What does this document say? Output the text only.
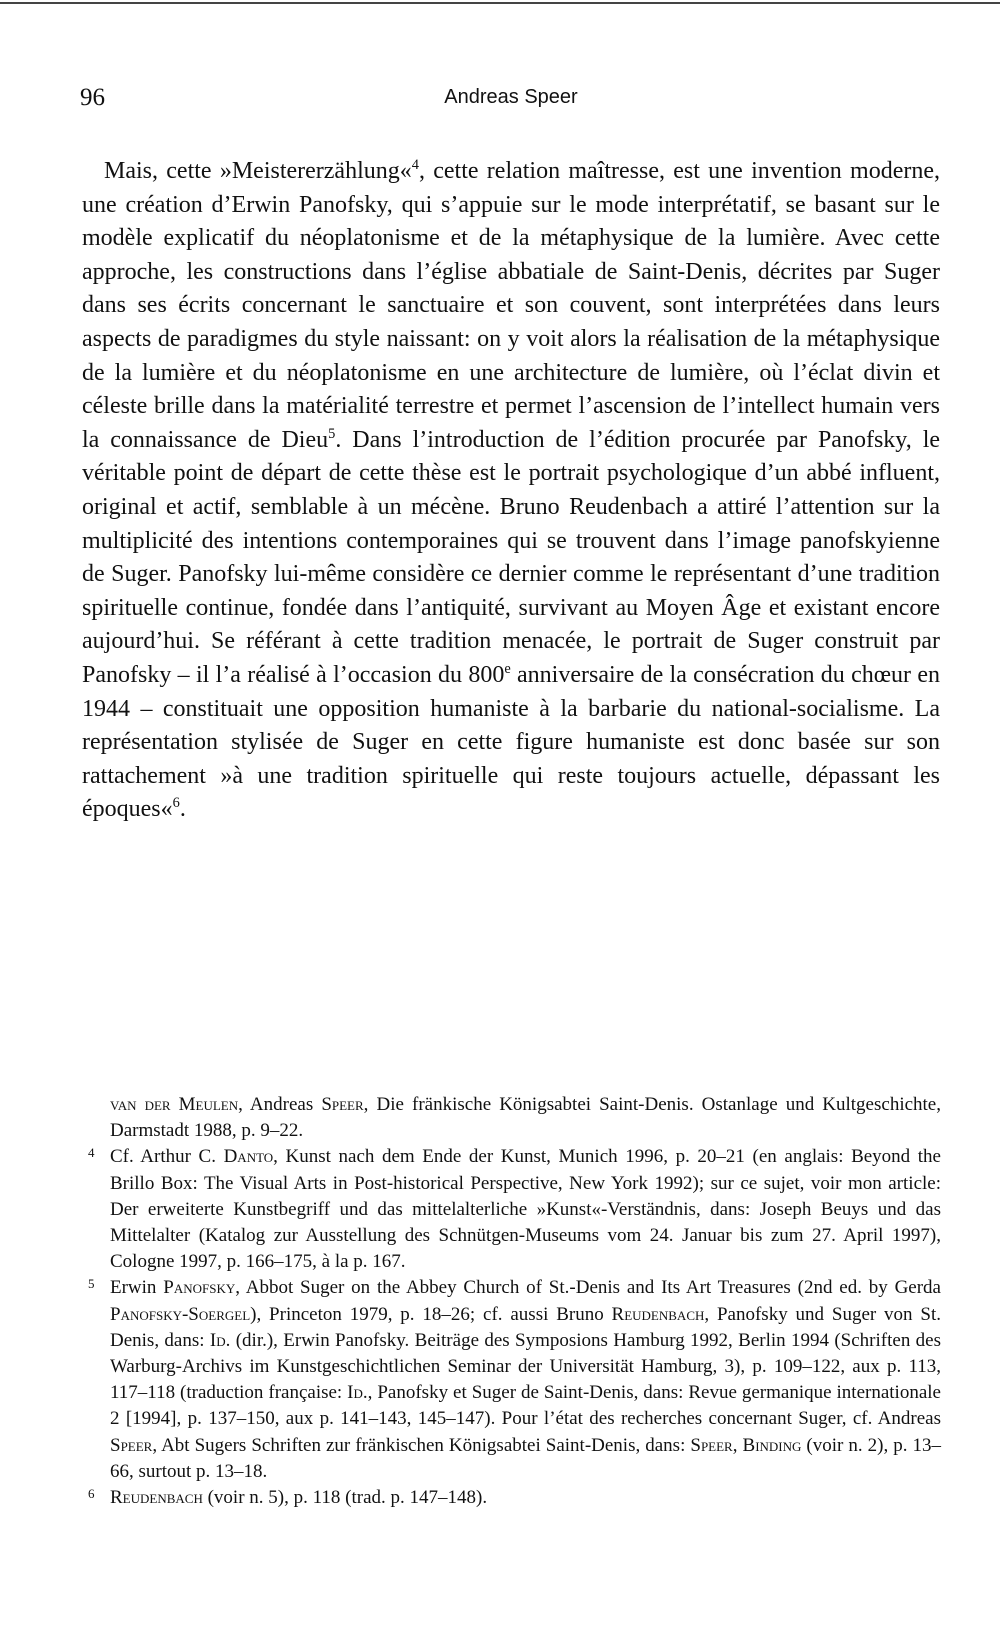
96	Andreas Speer

Mais, cette »Meistererzählung«$^4$, cette relation maîtresse, est une invention moderne, une création d’Erwin Panofsky, qui s’appuie sur le mode interprétatif, se basant sur le modèle explicatif du néoplatonisme et de la métaphysique de la lumière. Avec cette approche, les constructions dans l’église abbatiale de Saint-Denis, décrites par Suger dans ses écrits concernant le sanctuaire et son couvent, sont interprétées dans leurs aspects de paradigmes du style naissant: on y voit alors la réalisation de la métaphysique de la lumière et du néoplatonisme en une architecture de lumière, où l’éclat divin et céleste brille dans la matérialité terrestre et permet l’ascension de l’intellect humain vers la connaissance de Dieu$^5$. Dans l’introduction de l’édition procurée par Panofsky, le véritable point de départ de cette thèse est le portrait psychologique d’un abbé influent, original et actif, semblable à un mécène. Bruno Reudenbach a attiré l’attention sur la multiplicité des intentions contemporaines qui se trouvent dans l’image panofskyienne de Suger. Panofsky lui-même considère ce dernier comme le représentant d’une tradition spirituelle continue, fondée dans l’antiquité, survivant au Moyen Âge et existant encore aujourd’hui. Se référant à cette tradition menacée, le portrait de Suger construit par Panofsky – il l’a réalisé à l’occasion du 800e anniversaire de la consécration du chœur en 1944 – constituait une opposition humaniste à la barbarie du national-socialisme. La représentation stylisée de Suger en cette figure humaniste est donc basée sur son rattachement »à une tradition spirituelle qui reste toujours actuelle, dépassant les époques«$^6$.

van der Meulen, Andreas Speer, Die fränkische Königsabtei Saint-Denis. Ostanlage und Kultgeschichte, Darmstadt 1988, p. 9–22.

4 Cf. Arthur C. Danto, Kunst nach dem Ende der Kunst, Munich 1996, p. 20–21 (en anglais: Beyond the Brillo Box: The Visual Arts in Post-historical Perspective, New York 1992); sur ce sujet, voir mon article: Der erweiterte Kunstbegriff und das mittelalterliche »Kunst«-Verständnis, dans: Joseph Beuys und das Mittelalter (Katalog zur Ausstellung des Schnütgen-Museums vom 24. Januar bis zum 27. April 1997), Cologne 1997, p. 166–175, à la p. 167.

5 Erwin Panofsky, Abbot Suger on the Abbey Church of St.-Denis and Its Art Treasures (2nd ed. by Gerda Panofsky-Soergel), Princeton 1979, p. 18–26; cf. aussi Bruno Reudenbach, Panofsky und Suger von St. Denis, dans: Id. (dir.), Erwin Panofsky. Beiträge des Symposions Hamburg 1992, Berlin 1994 (Schriften des Warburg-Archivs im Kunstgeschichtlichen Seminar der Universität Hamburg, 3), p. 109–122, aux p. 113, 117–118 (traduction française: Id., Panofsky et Suger de Saint-Denis, dans: Revue germanique internationale 2 [1994], p. 137–150, aux p. 141–143, 145–147). Pour l’état des recherches concernant Suger, cf. Andreas Speer, Abt Sugers Schriften zur fränkischen Königsabtei Saint-Denis, dans: Speer, Binding (voir n. 2), p. 13–66, surtout p. 13–18.

6 Reudenbach (voir n. 5), p. 118 (trad. p. 147–148).
